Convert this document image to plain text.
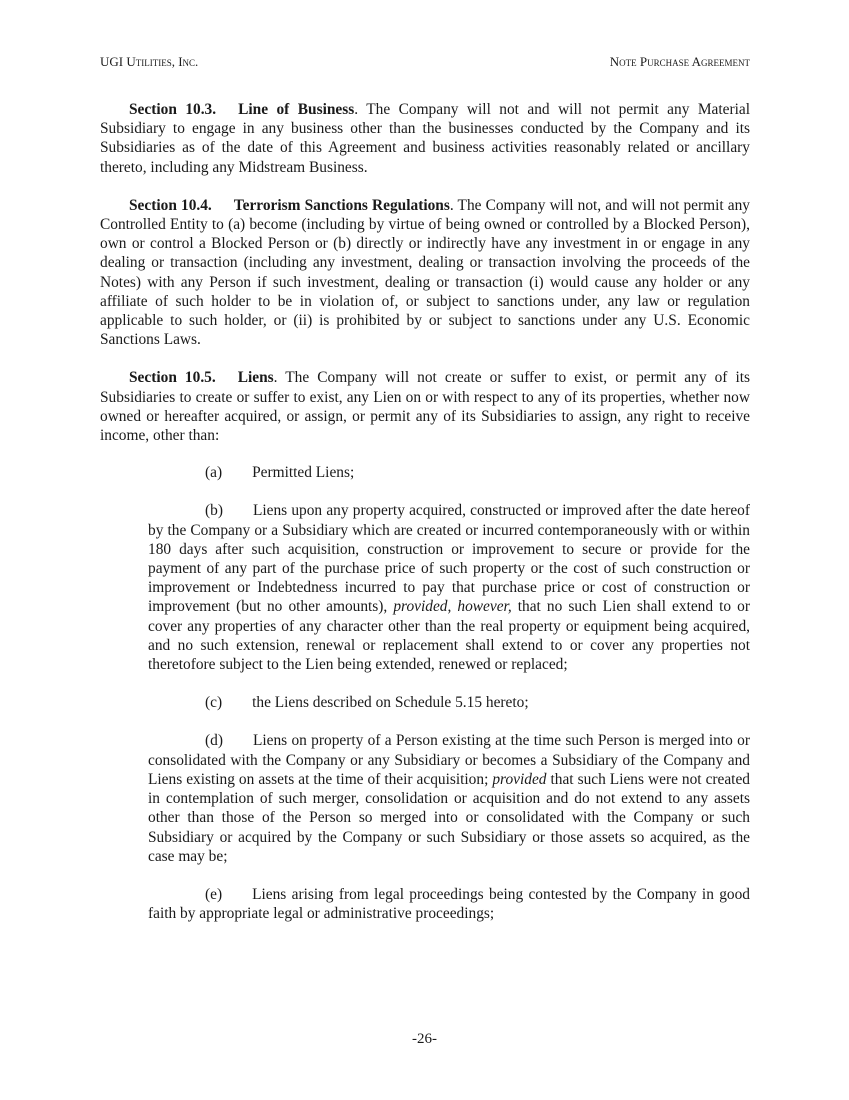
UGI Utilities, Inc.	Note Purchase Agreement

Section 10.3. Line of Business. The Company will not and will not permit any Material Subsidiary to engage in any business other than the businesses conducted by the Company and its Subsidiaries as of the date of this Agreement and business activities reasonably related or ancillary thereto, including any Midstream Business.

Section 10.4. Terrorism Sanctions Regulations. The Company will not, and will not permit any Controlled Entity to (a) become (including by virtue of being owned or controlled by a Blocked Person), own or control a Blocked Person or (b) directly or indirectly have any investment in or engage in any dealing or transaction (including any investment, dealing or transaction involving the proceeds of the Notes) with any Person if such investment, dealing or transaction (i) would cause any holder or any affiliate of such holder to be in violation of, or subject to sanctions under, any law or regulation applicable to such holder, or (ii) is prohibited by or subject to sanctions under any U.S. Economic Sanctions Laws.

Section 10.5. Liens. The Company will not create or suffer to exist, or permit any of its Subsidiaries to create or suffer to exist, any Lien on or with respect to any of its properties, whether now owned or hereafter acquired, or assign, or permit any of its Subsidiaries to assign, any right to receive income, other than:

(a) Permitted Liens;

(b) Liens upon any property acquired, constructed or improved after the date hereof by the Company or a Subsidiary which are created or incurred contemporaneously with or within 180 days after such acquisition, construction or improvement to secure or provide for the payment of any part of the purchase price of such property or the cost of such construction or improvement or Indebtedness incurred to pay that purchase price or cost of construction or improvement (but no other amounts), provided, however, that no such Lien shall extend to or cover any properties of any character other than the real property or equipment being acquired, and no such extension, renewal or replacement shall extend to or cover any properties not theretofore subject to the Lien being extended, renewed or replaced;

(c) the Liens described on Schedule 5.15 hereto;

(d) Liens on property of a Person existing at the time such Person is merged into or consolidated with the Company or any Subsidiary or becomes a Subsidiary of the Company and Liens existing on assets at the time of their acquisition; provided that such Liens were not created in contemplation of such merger, consolidation or acquisition and do not extend to any assets other than those of the Person so merged into or consolidated with the Company or such Subsidiary or acquired by the Company or such Subsidiary or those assets so acquired, as the case may be;

(e) Liens arising from legal proceedings being contested by the Company in good faith by appropriate legal or administrative proceedings;

-26-
